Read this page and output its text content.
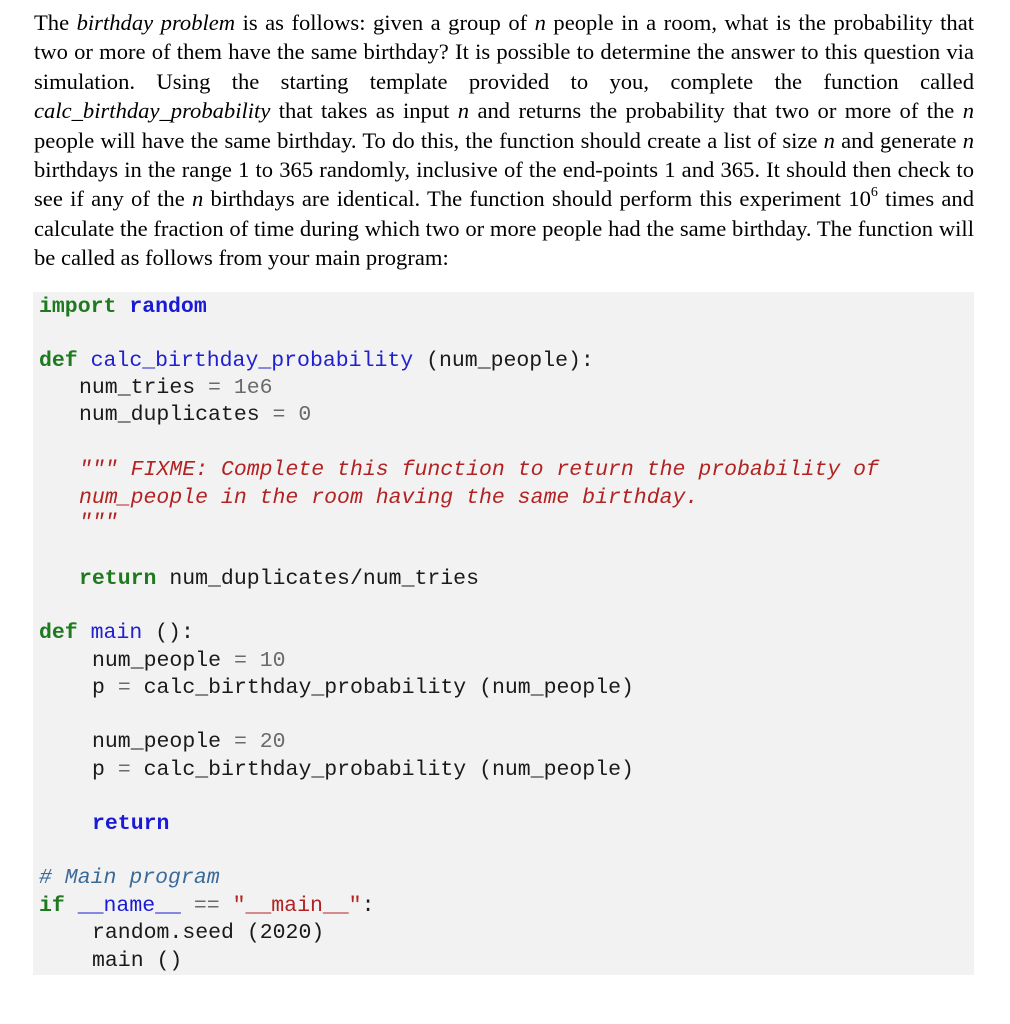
The birthday problem is as follows: given a group of n people in a room, what is the probability that two or more of them have the same birthday? It is possible to determine the answer to this question via simulation. Using the starting template provided to you, complete the function called calc_birthday_probability that takes as input n and returns the probability that two or more of the n people will have the same birthday. To do this, the function should create a list of size n and generate n birthdays in the range 1 to 365 randomly, inclusive of the end-points 1 and 365. It should then check to see if any of the n birthdays are identical. The function should perform this experiment $10^6$ times and calculate the fraction of time during which two or more people had the same birthday. The function will be called as follows from your main program:

import random
def calc_birthday_probability (num_people):
num_tries = 1e6
num_duplicates = 0
""" FIXME: Complete this function to return the probability of
num_people in the room having the same birthday.
"""
return num_duplicates/num_tries
def main ():
num_people = 10
p = calc_birthday_probability (num_people)
num_people = 20
p = calc_birthday_probability (num_people)
return
# Main program
if __name__ == "__main__":
random.seed (2020)
main ()
